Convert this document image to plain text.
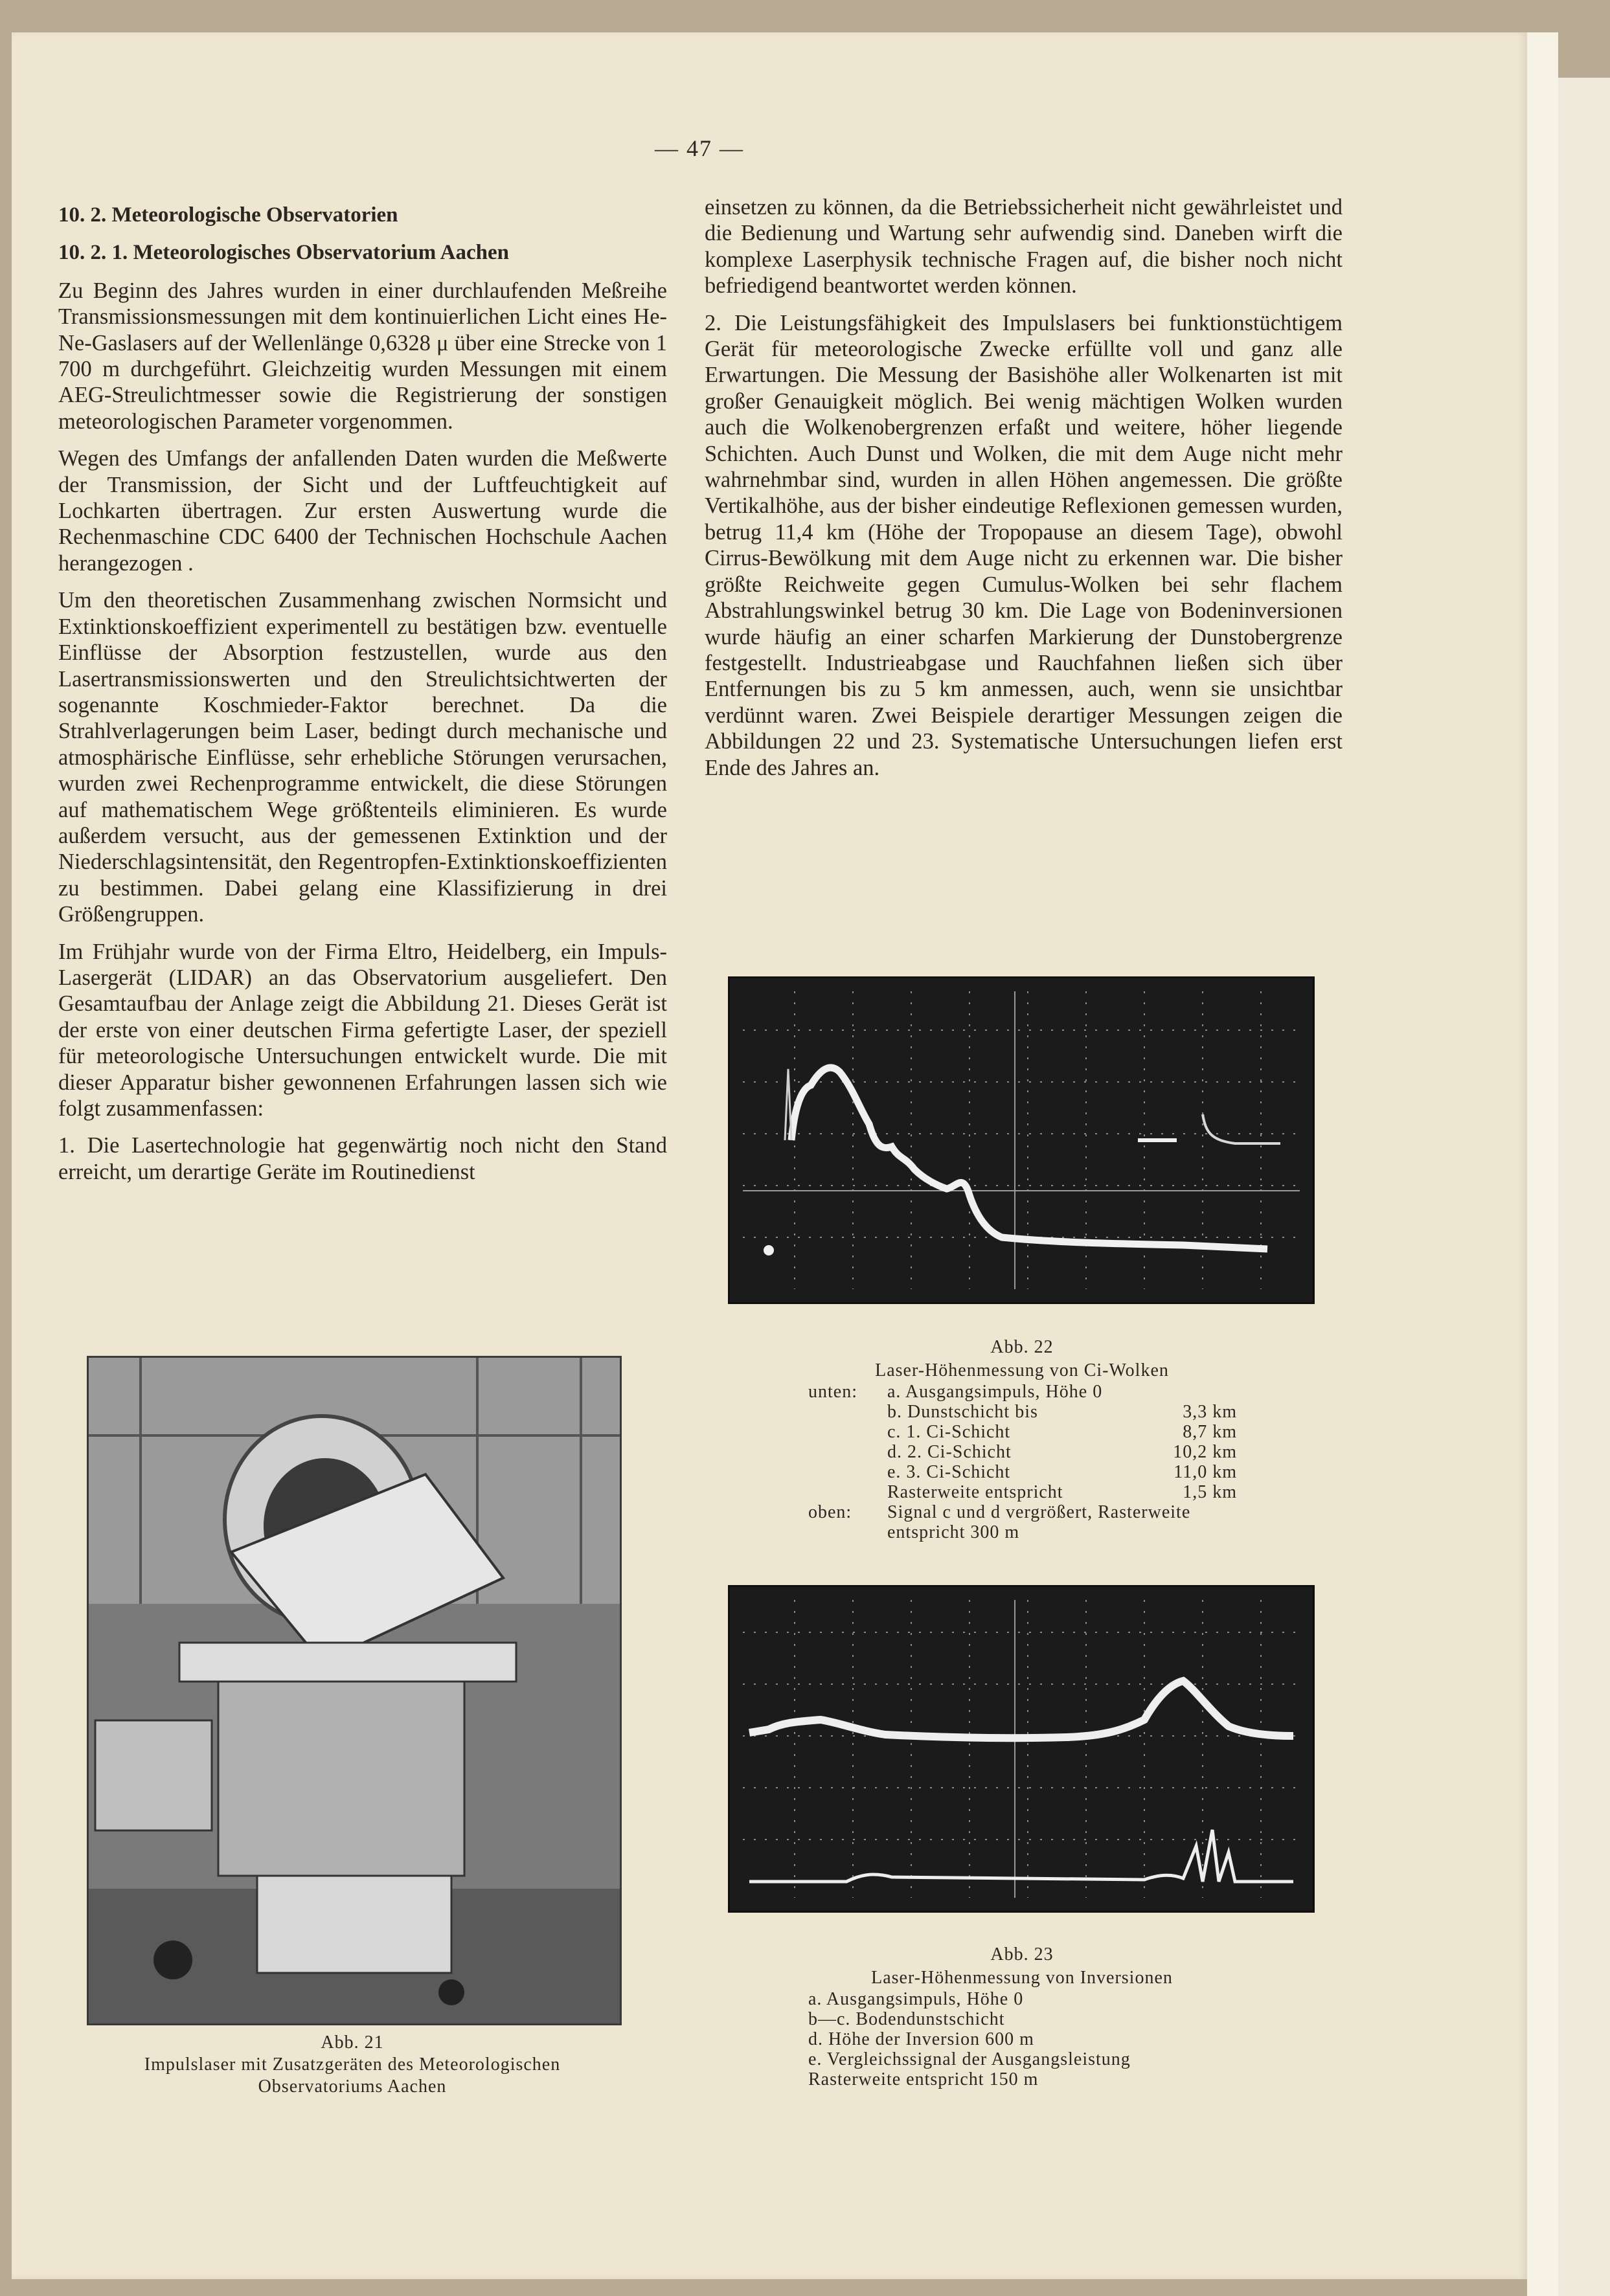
— 47 —
10. 2. Meteorologische Observatorien
10. 2. 1. Meteorologisches Observatorium Aachen

Zu Beginn des Jahres wurden in einer durchlaufenden Meßreihe Transmissionsmessungen mit dem kontinuierlichen Licht eines He-Ne-Gaslasers auf der Wellenlänge 0,6328 μ über eine Strecke von 1 700 m durchgeführt. Gleichzeitig wurden Messungen mit einem AEG-Streulichtmesser sowie die Registrierung der sonstigen meteorologischen Parameter vorgenommen.

Wegen des Umfangs der anfallenden Daten wurden die Meßwerte der Transmission, der Sicht und der Luftfeuchtigkeit auf Lochkarten übertragen. Zur ersten Auswertung wurde die Rechenmaschine CDC 6400 der Technischen Hochschule Aachen herangezogen .

Um den theoretischen Zusammenhang zwischen Normsicht und Extinktionskoeffizient experimentell zu bestätigen bzw. eventuelle Einflüsse der Absorption festzustellen, wurde aus den Lasertransmissionswerten und den Streulichtsichtwerten der sogenannte Koschmieder-Faktor berechnet. Da die Strahlverlagerungen beim Laser, bedingt durch mechanische und atmosphärische Einflüsse, sehr erhebliche Störungen verursachen, wurden zwei Rechenprogramme entwickelt, die diese Störungen auf mathematischem Wege größtenteils eliminieren. Es wurde außerdem versucht, aus der gemessenen Extinktion und der Niederschlagsintensität, den Regentropfen-Extinktionskoeffizienten zu bestimmen. Dabei gelang eine Klassifizierung in drei Größengruppen.

Im Frühjahr wurde von der Firma Eltro, Heidelberg, ein Impuls-Lasergerät (LIDAR) an das Observatorium ausgeliefert. Den Gesamtaufbau der Anlage zeigt die Abbildung 21. Dieses Gerät ist der erste von einer deutschen Firma gefertigte Laser, der speziell für meteorologische Untersuchungen entwickelt wurde. Die mit dieser Apparatur bisher gewonnenen Erfahrungen lassen sich wie folgt zusammenfassen:

1. Die Lasertechnologie hat gegenwärtig noch nicht den Stand erreicht, um derartige Geräte im Routinedienst

einsetzen zu können, da die Betriebssicherheit nicht gewährleistet und die Bedienung und Wartung sehr aufwendig sind. Daneben wirft die komplexe Laserphysik technische Fragen auf, die bisher noch nicht befriedigend beantwortet werden können.

2. Die Leistungsfähigkeit des Impulslasers bei funktionstüchtigem Gerät für meteorologische Zwecke erfüllte voll und ganz alle Erwartungen. Die Messung der Basishöhe aller Wolkenarten ist mit großer Genauigkeit möglich. Bei wenig mächtigen Wolken wurden auch die Wolkenobergrenzen erfaßt und weitere, höher liegende Schichten. Auch Dunst und Wolken, die mit dem Auge nicht mehr wahrnehmbar sind, wurden in allen Höhen angemessen. Die größte Vertikalhöhe, aus der bisher eindeutige Reflexionen gemessen wurden, betrug 11,4 km (Höhe der Tropopause an diesem Tage), obwohl Cirrus-Bewölkung mit dem Auge nicht zu erkennen war. Die bisher größte Reichweite gegen Cumulus-Wolken bei sehr flachem Abstrahlungswinkel betrug 30 km. Die Lage von Bodeninversionen wurde häufig an einer scharfen Markierung der Dunstobergrenze festgestellt. Industrieabgase und Rauchfahnen ließen sich über Entfernungen bis zu 5 km anmessen, auch, wenn sie unsichtbar verdünnt waren. Zwei Beispiele derartiger Messungen zeigen die Abbildungen 22 und 23. Systematische Untersuchungen liefen erst Ende des Jahres an.

Abb. 22
Laser-Höhenmessung von Ci-Wolken
unten:	a. Ausgangsimpuls, Höhe 0
b. Dunstschicht bis	3,3 km
c. 1. Ci-Schicht	8,7 km
d. 2. Ci-Schicht	10,2 km
e. 3. Ci-Schicht	11,0 km
Rasterweite entspricht	1,5 km
oben:	Signal c und d vergrößert, Rasterweite entspricht 300 m
Abb. 23
Laser-Höhenmessung von Inversionen
a. Ausgangsimpuls, Höhe 0
b—c. Bodendunstschicht
d. Höhe der Inversion 600 m
e. Vergleichssignal der Ausgangsleistung
Rasterweite entspricht 150 m
Abb. 21
Impulslaser mit Zusatzgeräten des Meteorologischen
Observatoriums Aachen
